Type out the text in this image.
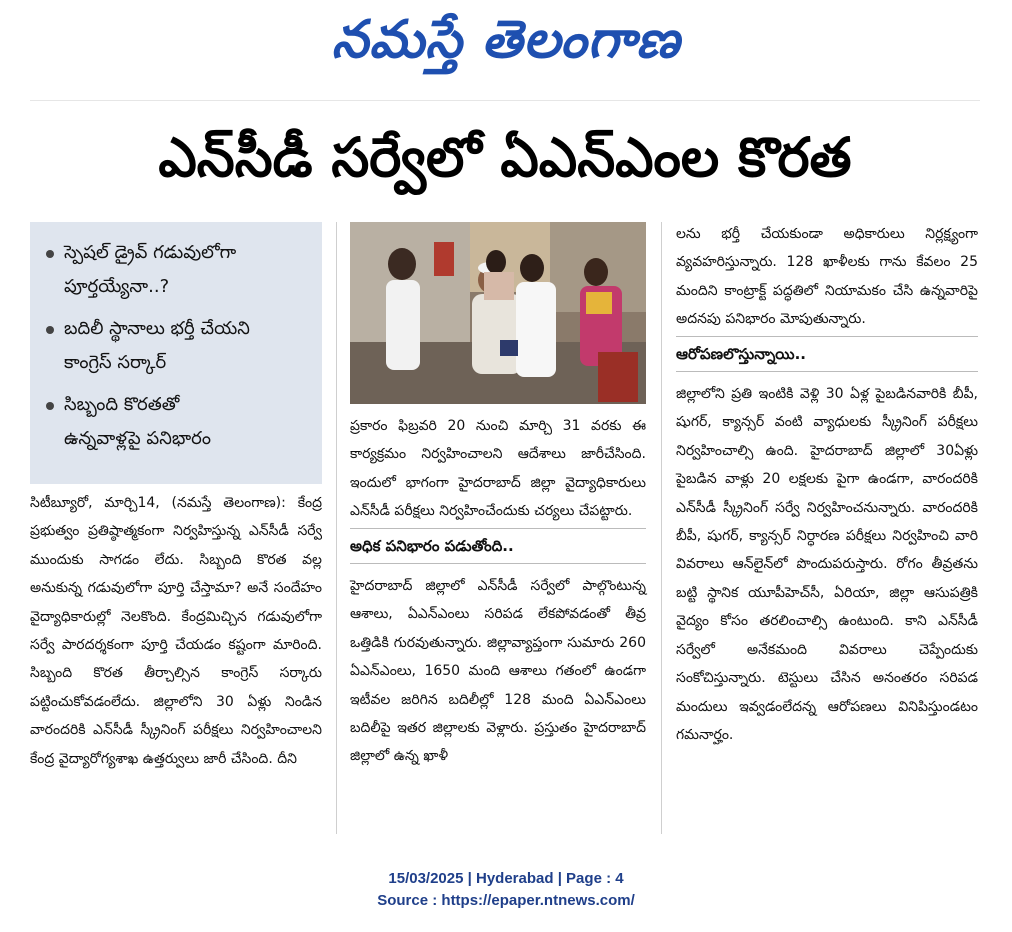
నమస్తే తెలంగాణ
ఎన్‌సీడీ సర్వేలో ఏఎన్‌ఎంల కొరత
స్పెషల్‌ డ్రైవ్‌ గడువులోగా
పూర్తయ్యేనా..?
బదిలీ స్థానాలు భర్తీ చేయని
కాంగ్రెస్‌ సర్కార్‌
సిబ్బంది కొరతతో
ఉన్నవాళ్లపై పనిభారం

సిటీబ్యూరో, మార్చి14, (నమస్తే తెలంగాణ): కేంద్ర ప్రభుత్వం ప్రతిష్ఠాత్మకంగా నిర్వహిస్తున్న ఎన్‌సీడీ సర్వే ముందుకు సాగడం లేదు. సిబ్బంది కొరత వల్ల అనుకున్న గడువులోగా పూర్తి చేస్తామా? అనే సందేహం వైద్యాధికారుల్లో నెలకొంది. కేంద్రమిచ్చిన గడువులోగా సర్వే పారదర్శకంగా పూర్తి చేయడం కష్టంగా మారింది. సిబ్బంది కొరత తీర్చాల్సిన కాంగ్రెస్‌ సర్కారు పట్టించుకోవడంలేదు. జిల్లాలోని 30 ఏళ్లు నిండిన వారందరికి ఎన్‌సీడీ స్క్రీనింగ్‌ పరీక్షలు నిర్వహించాలని కేంద్ర వైద్యారోగ్యశాఖ ఉత్తర్వులు జారీ చేసింది. దీని

ప్రకారం ఫిబ్రవరి 20 నుంచి మార్చి 31 వరకు ఈ కార్యక్రమం నిర్వహించాలని ఆదేశాలు జారీచేసింది. ఇందులో భాగంగా హైదరాబాద్‌ జిల్లా వైద్యాధికారులు ఎన్‌సీడీ పరీక్షలు నిర్వహించేందుకు చర్యలు చేపట్టారు.

అధిక పనిభారం పడుతోంది..

హైదరాబాద్‌ జిల్లాలో ఎన్‌సీడీ సర్వేలో పాల్గొంటున్న ఆశాలు, ఏఎన్‌ఎంలు సరిపడ లేకపోవడంతో తీవ్ర ఒత్తిడికి గురవుతున్నారు. జిల్లావ్యాప్తంగా సుమారు 260 ఏఎన్‌ఎంలు, 1650 మంది ఆశాలు గతంలో ఉండగా ఇటీవల జరిగిన బదిలీల్లో 128 మంది ఏఎన్‌ఎంలు బదిలీపై ఇతర జిల్లాలకు వెళ్లారు. ప్రస్తుతం హైదరాబాద్‌ జిల్లాలో ఉన్న ఖాళీ

లను భర్తీ చేయకుండా అధికారులు నిర్లక్ష్యంగా వ్యవహరిస్తున్నారు. 128 ఖాళీలకు గాను కేవలం 25 మందిని కాంట్రాక్ట్‌ పద్ధతిలో నియామకం చేసి ఉన్నవారిపై అదనపు పనిభారం మోపుతున్నారు.

ఆరోపణలొస్తున్నాయి..

జిల్లాలోని ప్రతి ఇంటికి వెళ్లి 30 ఏళ్ల పైబడినవారికి బీపీ, షుగర్‌, క్యాన్సర్‌ వంటి వ్యాధులకు స్క్రీనింగ్‌ పరీక్షలు నిర్వహించాల్సి ఉంది. హైదరాబాద్‌ జిల్లాలో 30ఏళ్లు పైబడిన వాళ్లు 20 లక్షలకు పైగా ఉండగా, వారందరికి ఎన్‌సీడీ స్క్రీనింగ్‌ సర్వే నిర్వహించనున్నారు. వారందరికి బీపీ, షుగర్‌, క్యాన్సర్‌ నిర్ధారణ పరీక్షలు నిర్వహించి వారి వివరాలు ఆన్‌లైన్‌లో పొందుపరుస్తారు. రోగం తీవ్రతను బట్టి స్థానిక యూపీహెచ్‌సీ, ఏరియా, జిల్లా ఆసుపత్రికి వైద్యం కోసం తరలించాల్సి ఉంటుంది. కాని ఎన్‌సీడీ సర్వేలో అనేకమంది వివరాలు చెప్పేందుకు సంకోచిస్తున్నారు. టెస్టులు చేసిన అనంతరం సరిపడ మందులు ఇవ్వడంలేదన్న ఆరోపణలు వినిపిస్తుండటం గమనార్హం.

15/03/2025 | Hyderabad | Page : 4
Source : https://epaper.ntnews.com/
